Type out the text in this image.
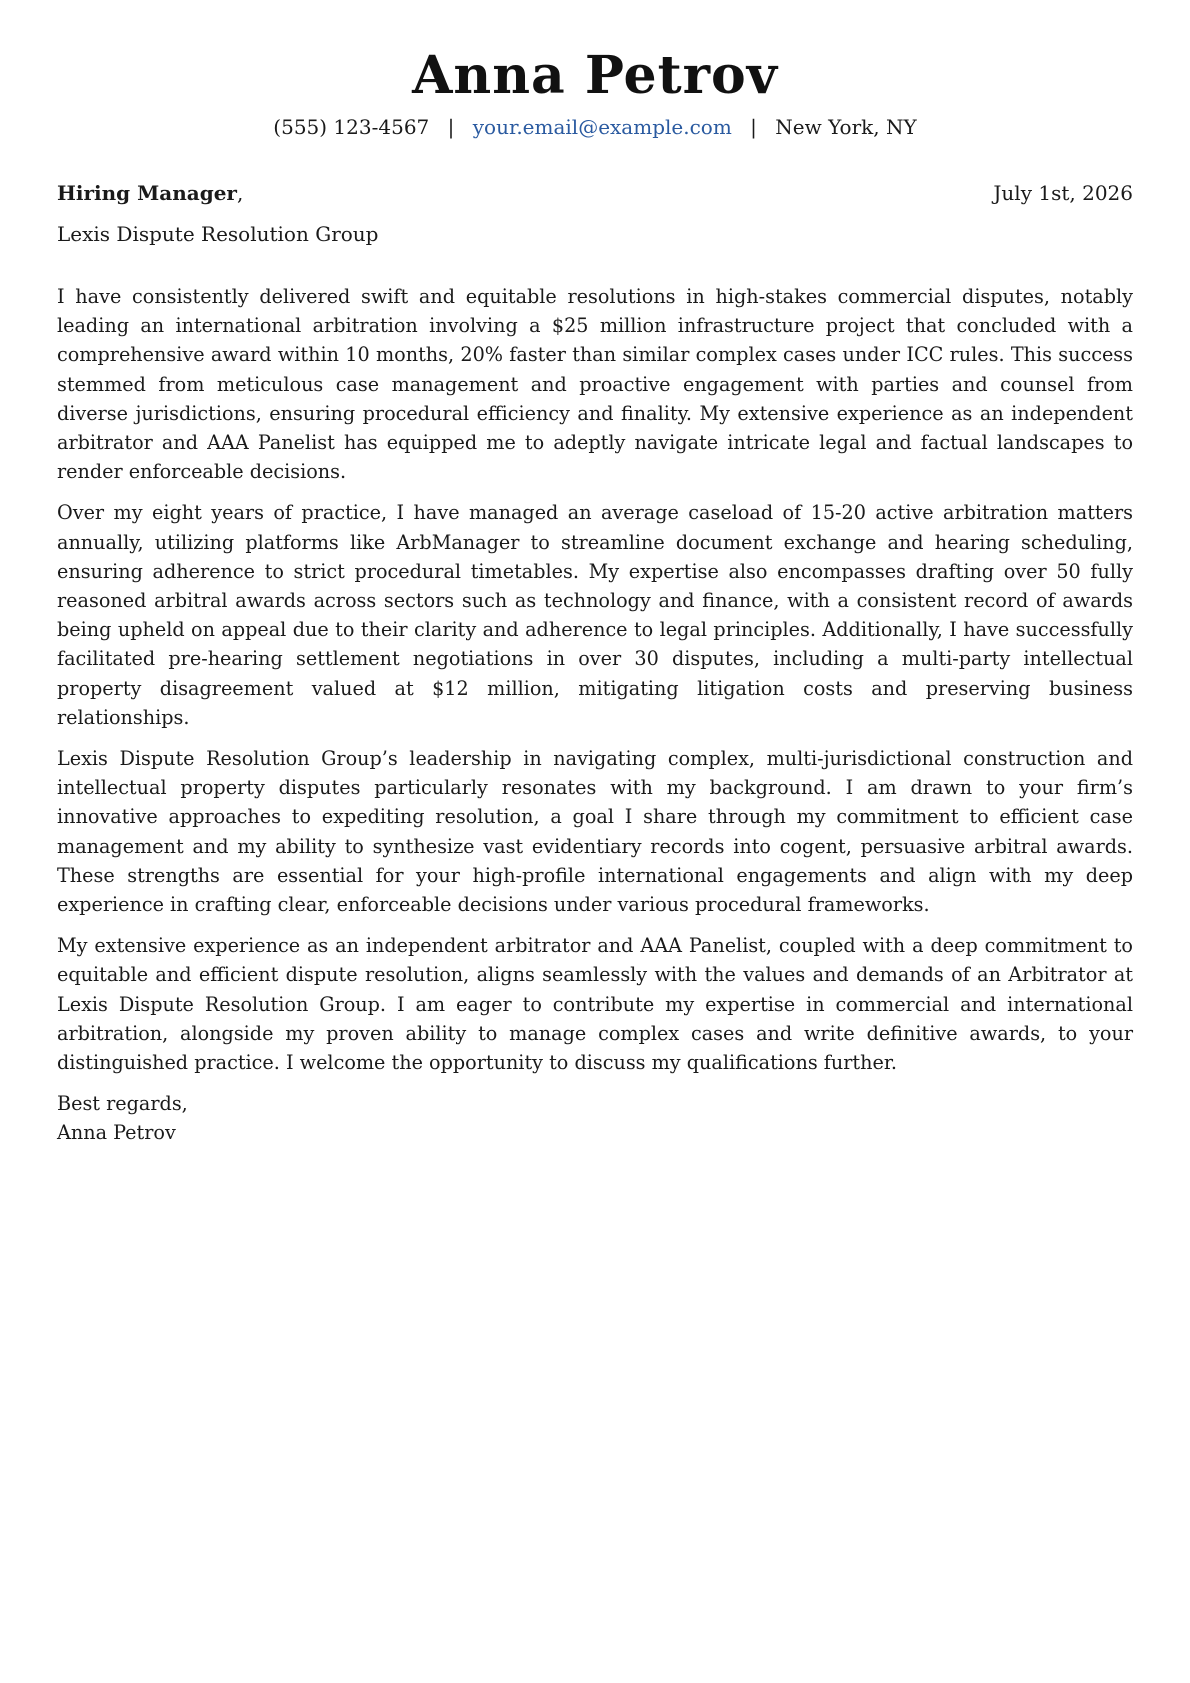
Anna Petrov
(555) 123-4567 | your.email@example.com | New York, NY
Hiring Manager,	July 1st, 2026
Lexis Dispute Resolution Group

I have consistently delivered swift and equitable resolutions in high-stakes commercial disputes, notably leading an international arbitration involving a $25 million infrastructure project that concluded with a comprehensive award within 10 months, 20% faster than similar complex cases under ICC rules. This success stemmed from meticulous case management and proactive engagement with parties and counsel from diverse jurisdictions, ensuring procedural efficiency and finality. My extensive experience as an independent arbitrator and AAA Panelist has equipped me to adeptly navigate intricate legal and factual landscapes to render enforceable decisions.

Over my eight years of practice, I have managed an average caseload of 15-20 active arbitration matters annually, utilizing platforms like ArbManager to streamline document exchange and hearing scheduling, ensuring adherence to strict procedural timetables. My expertise also encompasses drafting over 50 fully reasoned arbitral awards across sectors such as technology and finance, with a consistent record of awards being upheld on appeal due to their clarity and adherence to legal principles. Additionally, I have successfully facilitated pre-hearing settlement negotiations in over 30 disputes, including a multi-party intellectual property disagreement valued at $12 million, mitigating litigation costs and preserving business relationships.

Lexis Dispute Resolution Group’s leadership in navigating complex, multi-jurisdictional construction and intellectual property disputes particularly resonates with my background. I am drawn to your firm’s innovative approaches to expediting resolution, a goal I share through my commitment to efficient case management and my ability to synthesize vast evidentiary records into cogent, persuasive arbitral awards. These strengths are essential for your high-profile international engagements and align with my deep experience in crafting clear, enforceable decisions under various procedural frameworks.

My extensive experience as an independent arbitrator and AAA Panelist, coupled with a deep commitment to equitable and efficient dispute resolution, aligns seamlessly with the values and demands of an Arbitrator at Lexis Dispute Resolution Group. I am eager to contribute my expertise in commercial and international arbitration, alongside my proven ability to manage complex cases and write definitive awards, to your distinguished practice. I welcome the opportunity to discuss my qualifications further.

Best regards,
Anna Petrov
